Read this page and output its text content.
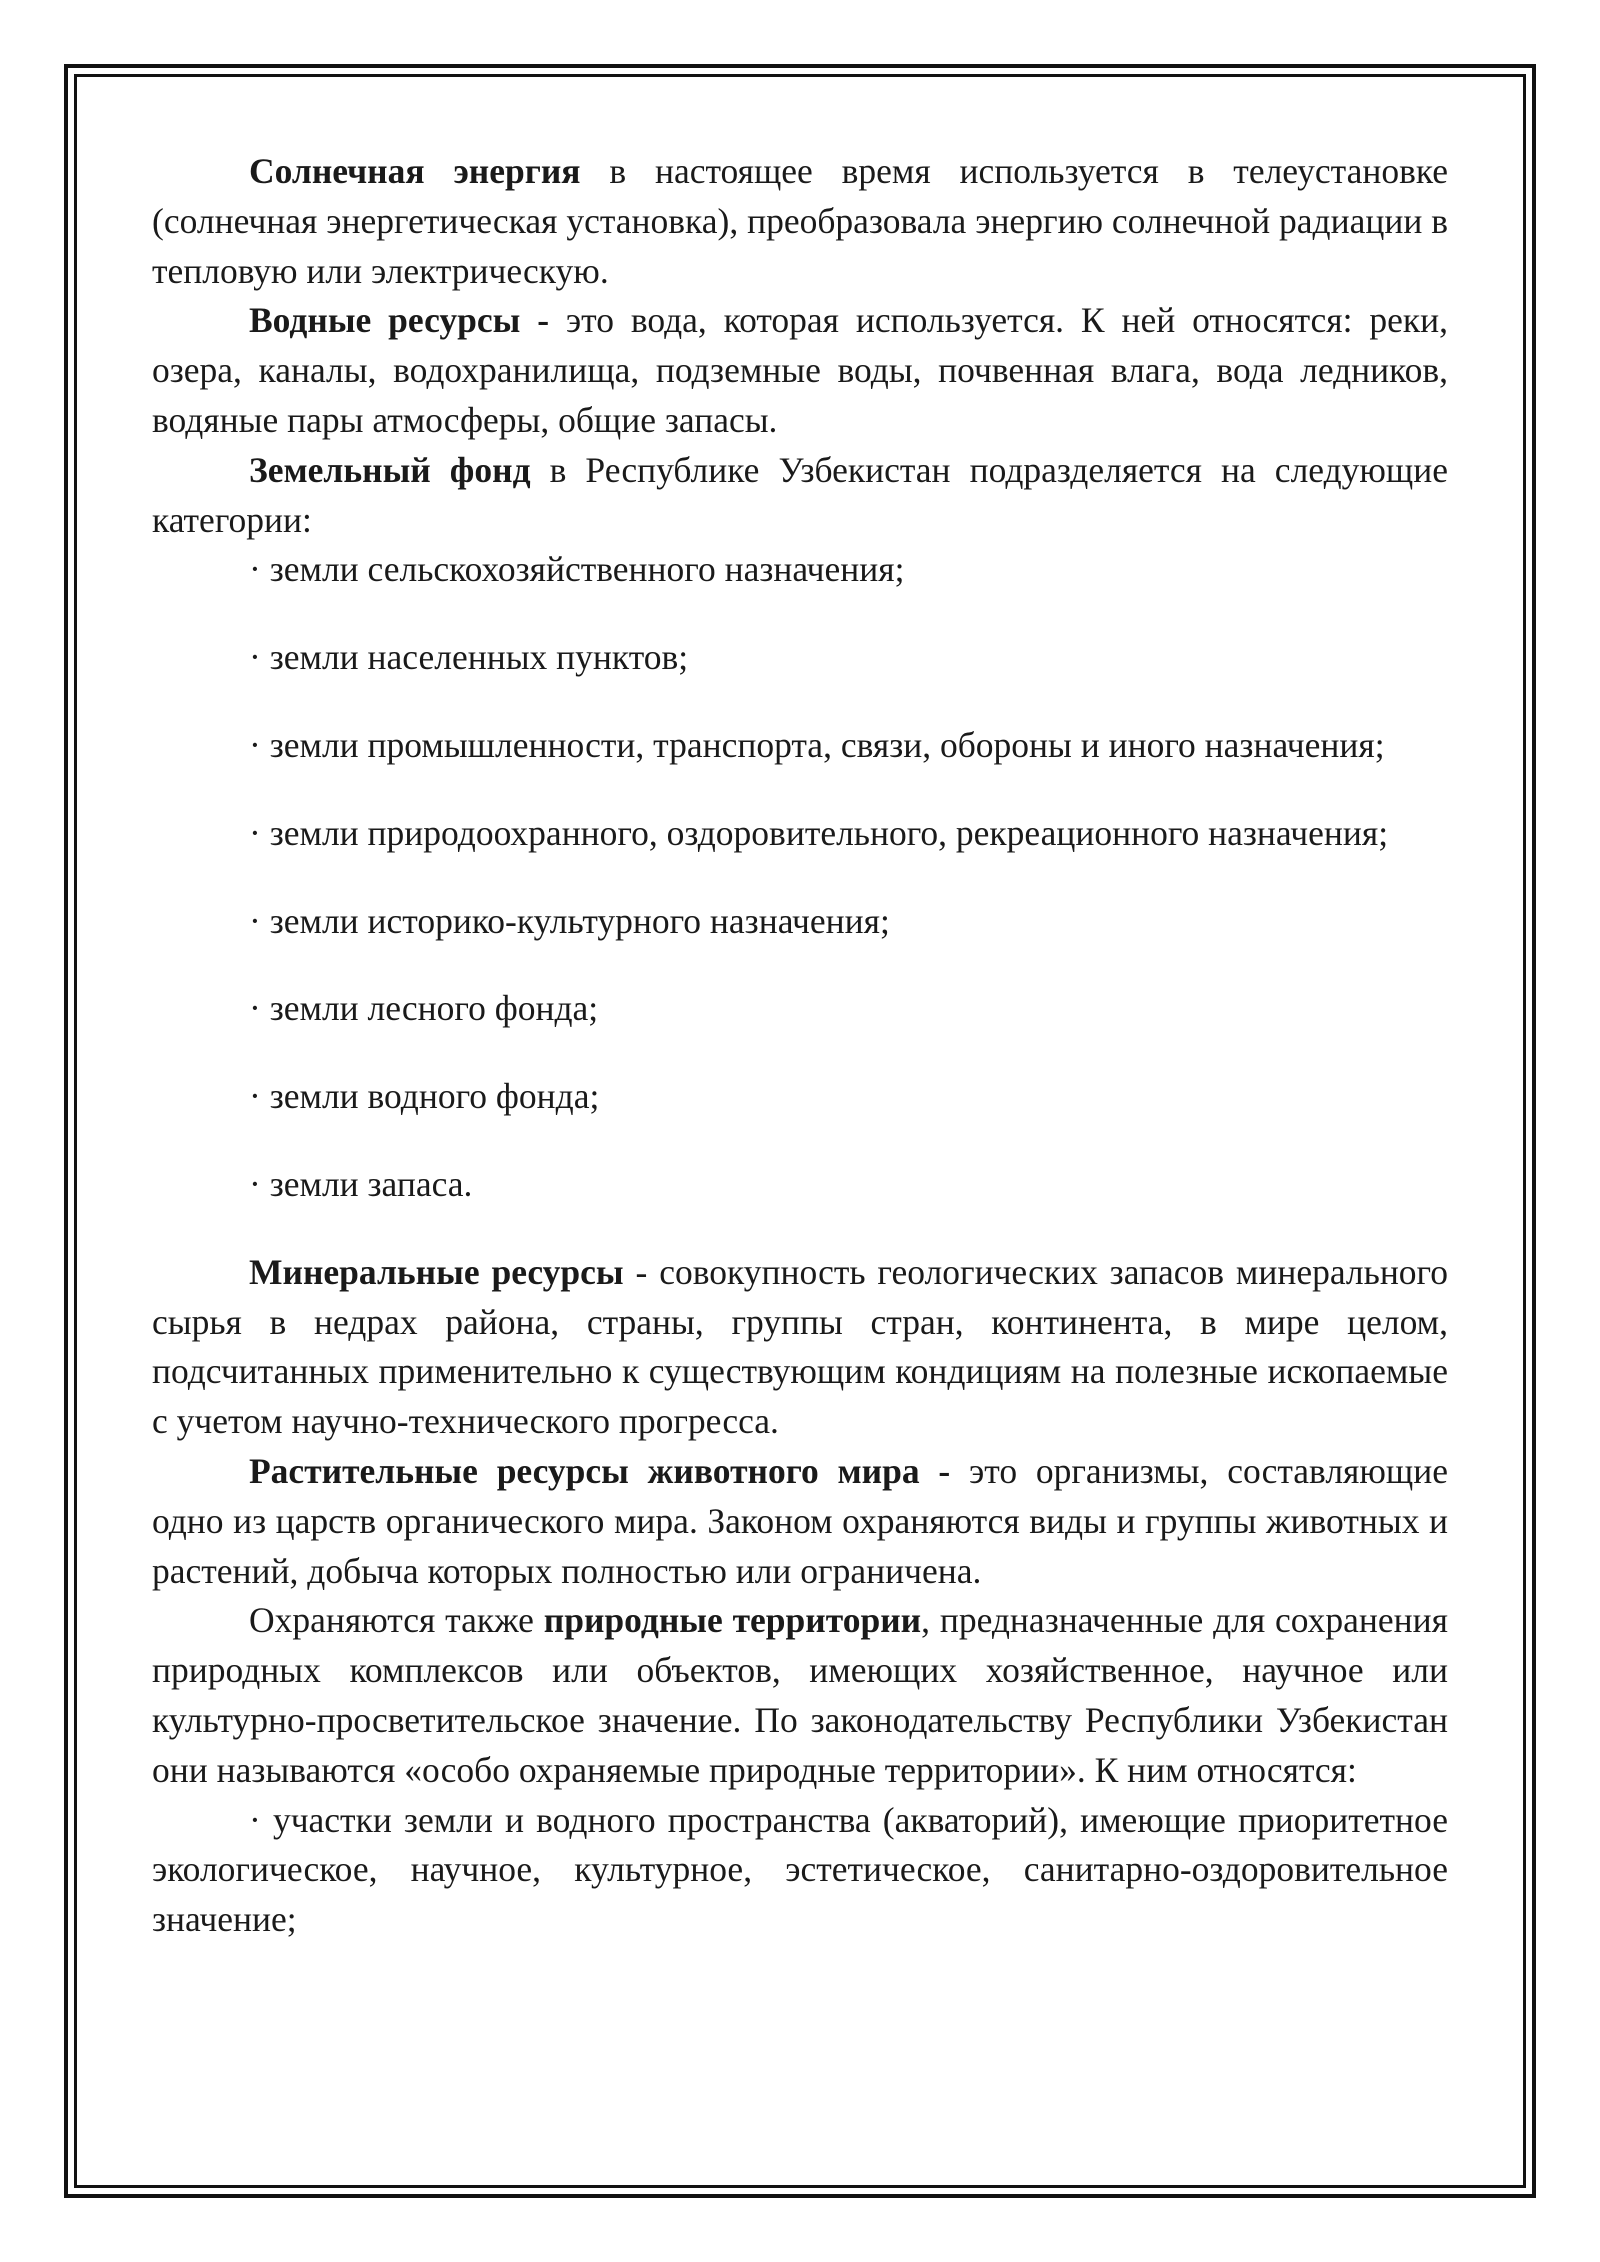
Солнечная энергия в настоящее время используется в телеустановке (солнечная энергетическая установка), преобразовала энергию солнечной радиации в тепловую или электрическую.

Водные ресурсы - это вода, которая используется. К ней относятся: реки, озера, каналы, водохранилища, подземные воды, почвенная влага, вода ледников, водяные пары атмосферы, общие запасы.

Земельный фонд в Республике Узбекистан подразделяется на следующие категории:

· земли сельскохозяйственного назначения;

· земли населенных пунктов;

· земли промышленности, транспорта, связи, обороны и иного назначения;

· земли природоохранного, оздоровительного, рекреационного назначения;

· земли историко-культурного назначения;

· земли лесного фонда;

· земли водного фонда;

· земли запаса.

Минеральные ресурсы - совокупность геологических запасов минерального сырья в недрах района, страны, группы стран, континента, в мире целом, подсчитанных применительно к существующим кондициям на полезные ископаемые с учетом научно-технического прогресса.

Растительные ресурсы животного мира - это организмы, составляющие одно из царств органического мира. Законом охраняются виды и группы животных и растений, добыча которых полностью или ограничена.

Охраняются также природные территории, предназначенные для сохранения природных комплексов или объектов, имеющих хозяйственное, научное или культурно-просветительское значение. По законодательству Республики Узбекистан они называются «особо охраняемые природные территории». К ним относятся:

· участки земли и водного пространства (акваторий), имеющие приоритетное экологическое, научное, культурное, эстетическое, санитарно-оздоровительное значение;
